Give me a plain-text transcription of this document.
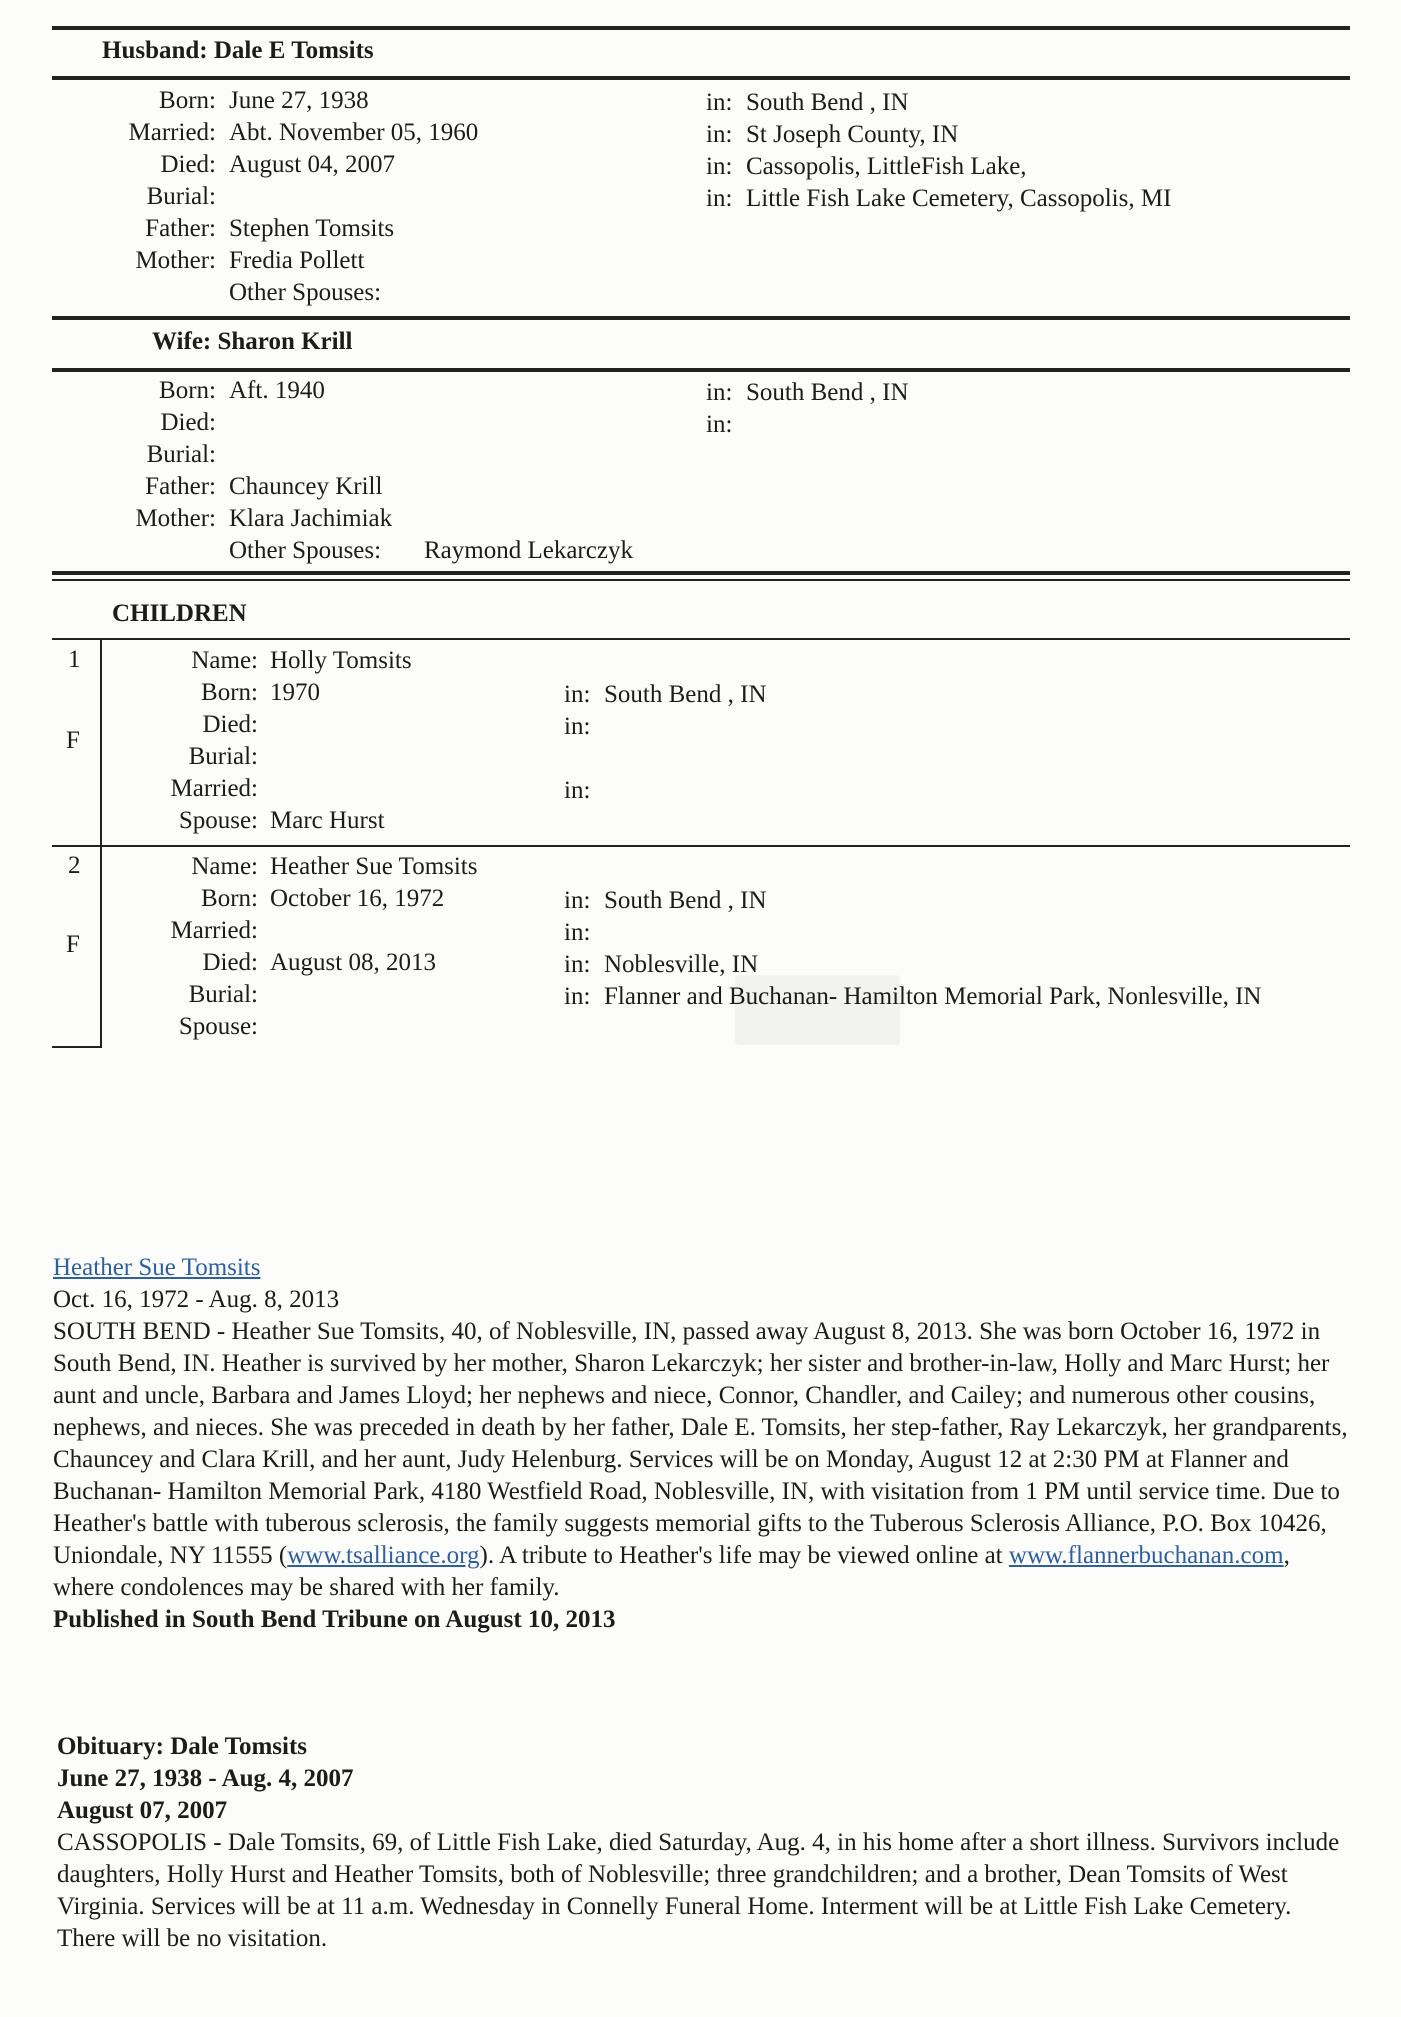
Husband: Dale E Tomsits
Born: June 27, 1938
Married: Abt. November 05, 1960
Died: August 04, 2007
Burial:
Father: Stephen Tomsits
Mother: Fredia Pollett
Other Spouses:
in: South Bend , IN
in: St Joseph County, IN
in: Cassopolis, LittleFish Lake,
in: Little Fish Lake Cemetery, Cassopolis, MI
Wife: Sharon Krill
Born: Aft. 1940
Died:
Burial:
Father: Chauncey Krill
Mother: Klara Jachimiak
Other Spouses: Raymond Lekarczyk
in: South Bend , IN
in:
CHILDREN
1
F
Name: Holly Tomsits
Born: 1970
Died:
Burial:
Married:
Spouse: Marc Hurst
in: South Bend , IN
in:
in:
2
F
Name: Heather Sue Tomsits
Born: October 16, 1972
Married:
Died: August 08, 2013
Burial:
Spouse:
in: South Bend , IN
in:
in: Noblesville, IN
in: Flanner and Buchanan- Hamilton Memorial Park, Nonlesville, IN

Heather Sue Tomsits

Oct. 16, 1972 - Aug. 8, 2013

SOUTH BEND - Heather Sue Tomsits, 40, of Noblesville, IN, passed away August 8, 2013. She was born October 16, 1972 in South Bend, IN. Heather is survived by her mother, Sharon Lekarczyk; her sister and brother-in-law, Holly and Marc Hurst; her aunt and uncle, Barbara and James Lloyd; her nephews and niece, Connor, Chandler, and Cailey; and numerous other cousins, nephews, and nieces. She was preceded in death by her father, Dale E. Tomsits, her step-father, Ray Lekarczyk, her grandparents, Chauncey and Clara Krill, and her aunt, Judy Helenburg. Services will be on Monday, August 12 at 2:30 PM at Flanner and Buchanan- Hamilton Memorial Park, 4180 Westfield Road, Noblesville, IN, with visitation from 1 PM until service time. Due to Heather's battle with tuberous sclerosis, the family suggests memorial gifts to the Tuberous Sclerosis Alliance, P.O. Box 10426, Uniondale, NY 11555 (www.tsalliance.org). A tribute to Heather's life may be viewed online at www.flannerbuchanan.com, where condolences may be shared with her family.

Published in South Bend Tribune on August 10, 2013

Obituary: Dale Tomsits

June 27, 1938 - Aug. 4, 2007

August 07, 2007

CASSOPOLIS - Dale Tomsits, 69, of Little Fish Lake, died Saturday, Aug. 4, in his home after a short illness. Survivors include daughters, Holly Hurst and Heather Tomsits, both of Noblesville; three grandchildren; and a brother, Dean Tomsits of West Virginia. Services will be at 11 a.m. Wednesday in Connelly Funeral Home. Interment will be at Little Fish Lake Cemetery. There will be no visitation.
